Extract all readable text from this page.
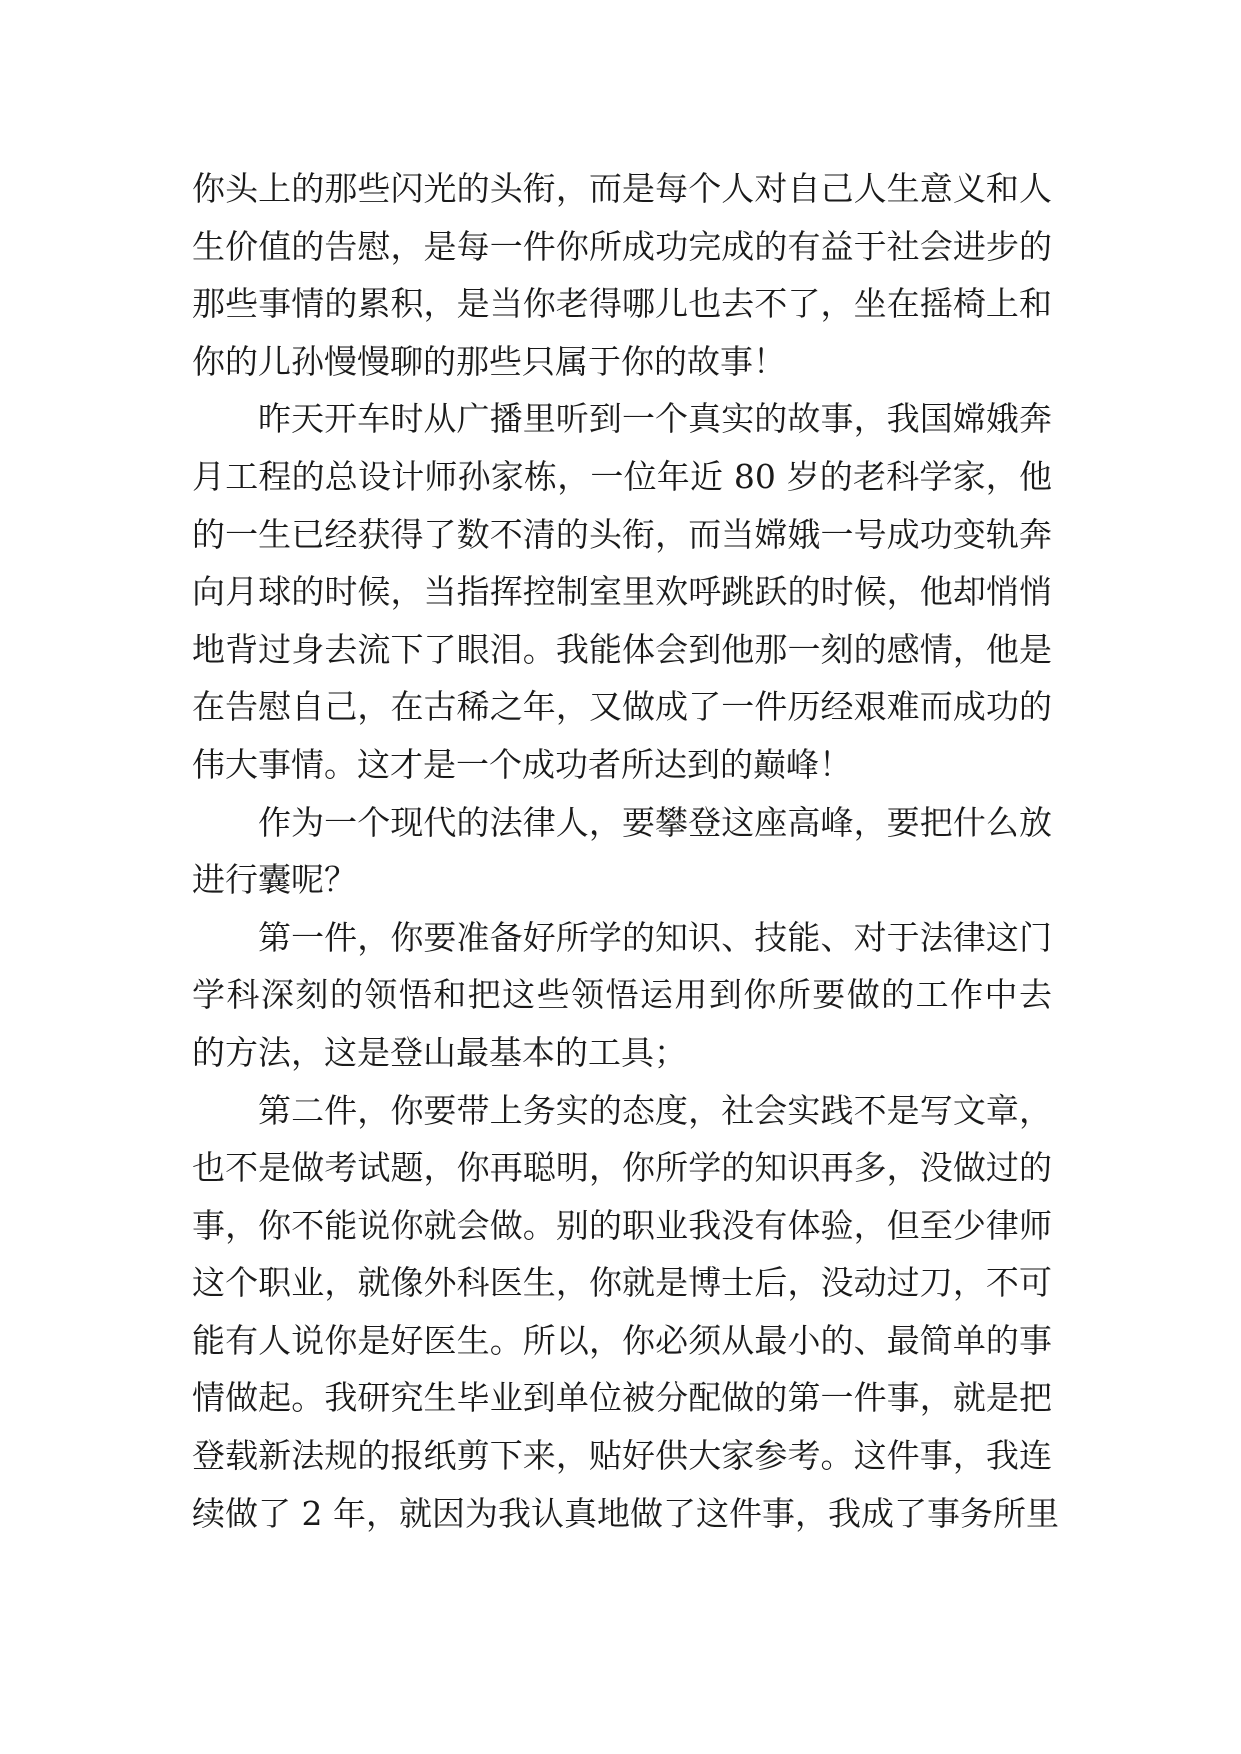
你头上的那些闪光的头衔，而是每个人对自己人生意义和人
生价值的告慰，是每一件你所成功完成的有益于社会进步的
那些事情的累积，是当你老得哪儿也去不了，坐在摇椅上和
你的儿孙慢慢聊的那些只属于你的故事！
昨天开车时从广播里听到一个真实的故事，我国嫦娥奔
月工程的总设计师孙家栋，一位年近 80 岁的老科学家，他
的一生已经获得了数不清的头衔，而当嫦娥一号成功变轨奔
向月球的时候，当指挥控制室里欢呼跳跃的时候，他却悄悄
地背过身去流下了眼泪。我能体会到他那一刻的感情，他是
在告慰自己，在古稀之年，又做成了一件历经艰难而成功的
伟大事情。这才是一个成功者所达到的巅峰！
作为一个现代的法律人，要攀登这座高峰，要把什么放
进行囊呢？
第一件，你要准备好所学的知识、技能、对于法律这门
学科深刻的领悟和把这些领悟运用到你所要做的工作中去
的方法，这是登山最基本的工具；
第二件，你要带上务实的态度，社会实践不是写文章，
也不是做考试题，你再聪明，你所学的知识再多，没做过的
事，你不能说你就会做。别的职业我没有体验，但至少律师
这个职业，就像外科医生，你就是博士后，没动过刀，不可
能有人说你是好医生。所以，你必须从最小的、最简单的事
情做起。我研究生毕业到单位被分配做的第一件事，就是把
登载新法规的报纸剪下来，贴好供大家参考。这件事，我连
续做了 2 年，就因为我认真地做了这件事，我成了事务所里
